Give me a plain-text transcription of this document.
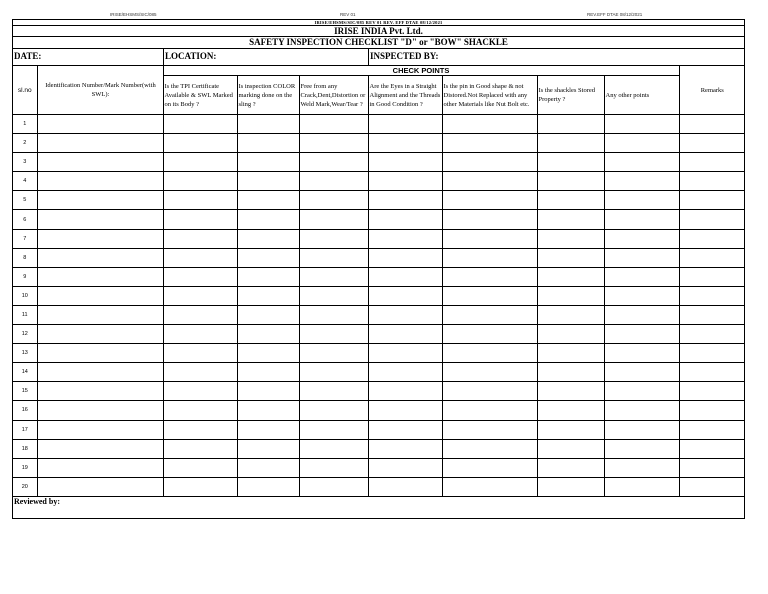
IRISE/EHSMS/SIC/085	REV 01	REV.EFF DTAE 08/12/2021
IRISE/EHSMS/SIC/085 REV 01 REV. EFF DTAE 08/12/2021
IRISE INDIA Pvt. Ltd.
SAFETY INSPECTION CHECKLIST "D" or "BOW" SHACKLE
DATE:	LOCATION:	INSPECTED BY:
sl.no	Identification Number/Mark Number(with SWL):	CHECK POINTS							Remarks
		Is the TPI Certificate Available & SWL Marked on its Body ?	Is inspection COLOR marking done on the sling ?	Free from any Crack,Dent,Distortion or Weld Mark,Wear/Tear ?	Are the Eyes in a Straight Alignment and the Threads in Good Condition ?	Is the pin in Good shape & not Distored.Not Replaced with any other Materials like Nut Bolt etc.	Is the shackles Stored Property ?	Any other points	
1									
2									
3									
4									
5									
6									
7									
8									
9									
10									
11									
12									
13									
14									
15									
16									
17									
18									
19									
20									
Reviewed by:
